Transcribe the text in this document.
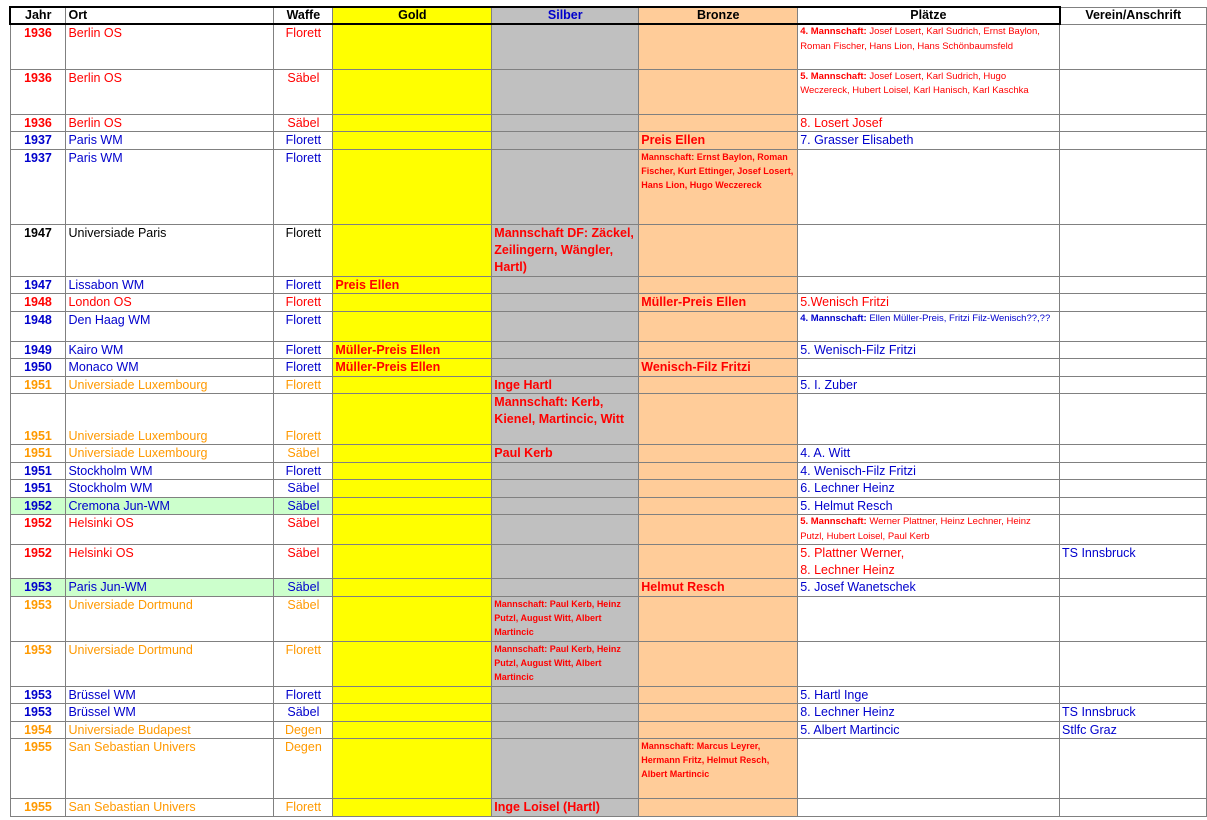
Jahr	Ort	Waffe	Gold	Silber	Bronze	Plätze	Verein/Anschrift
1936	Berlin OS	Florett				4. Mannschaft: Josef Losert, Karl Sudrich, Ernst Baylon, Roman Fischer, Hans Lion, Hans Schönbaumsfeld	
1936	Berlin OS	Säbel				5. Mannschaft: Josef Losert, Karl Sudrich, Hugo Weczereck, Hubert Loisel, Karl Hanisch, Karl Kaschka	
1936	Berlin OS	Säbel				8. Losert Josef	
1937	Paris WM	Florett			Preis Ellen	7. Grasser Elisabeth	
1937	Paris WM	Florett			Mannschaft: Ernst Baylon, Roman Fischer, Kurt Ettinger, Josef Losert, Hans Lion, Hugo Weczereck		
1947	Universiade Paris	Florett		Mannschaft DF: Zäckel, Zeilingern, Wängler, Hartl)			
1947	Lissabon WM	Florett	Preis Ellen				
1948	London OS	Florett			Müller-Preis Ellen	5.Wenisch Fritzi	
1948	Den Haag WM	Florett				4. Mannschaft: Ellen Müller-Preis, Fritzi Filz-Wenisch??,??	
1949	Kairo WM	Florett	Müller-Preis Ellen			5. Wenisch-Filz Fritzi	
1950	Monaco WM	Florett	Müller-Preis Ellen		Wenisch-Filz Fritzi		
1951	Universiade Luxembourg	Florett		Inge Hartl		5. I. Zuber	
1951	Universiade Luxembourg	Florett		Mannschaft: Kerb, Kienel, Martincic, Witt			
1951	Universiade Luxembourg	Säbel		Paul Kerb		4. A. Witt	
1951	Stockholm WM	Florett				4. Wenisch-Filz Fritzi	
1951	Stockholm WM	Säbel				6. Lechner Heinz	
1952	Cremona Jun-WM	Säbel				5. Helmut Resch	
1952	Helsinki OS	Säbel				5. Mannschaft: Werner Plattner, Heinz Lechner, Heinz Putzl, Hubert Loisel, Paul Kerb	
1952	Helsinki OS	Säbel				5. Plattner Werner,
8. Lechner Heinz	TS Innsbruck
1953	Paris Jun-WM	Säbel			Helmut Resch	5. Josef Wanetschek	
1953	Universiade Dortmund	Säbel		Mannschaft: Paul Kerb, Heinz Putzl, August Witt, Albert Martincic			
1953	Universiade Dortmund	Florett		Mannschaft: Paul Kerb, Heinz Putzl, August Witt, Albert Martincic			
1953	Brüssel WM	Florett				5. Hartl Inge	
1953	Brüssel WM	Säbel				8. Lechner Heinz	TS Innsbruck
1954	Universiade Budapest	Degen				5. Albert Martincic	Stlfc Graz
1955	San Sebastian Univers	Degen			Mannschaft: Marcus Leyrer, Hermann Fritz, Helmut Resch, Albert Martincic		
1955	San Sebastian Univers	Florett		Inge Loisel (Hartl)			
